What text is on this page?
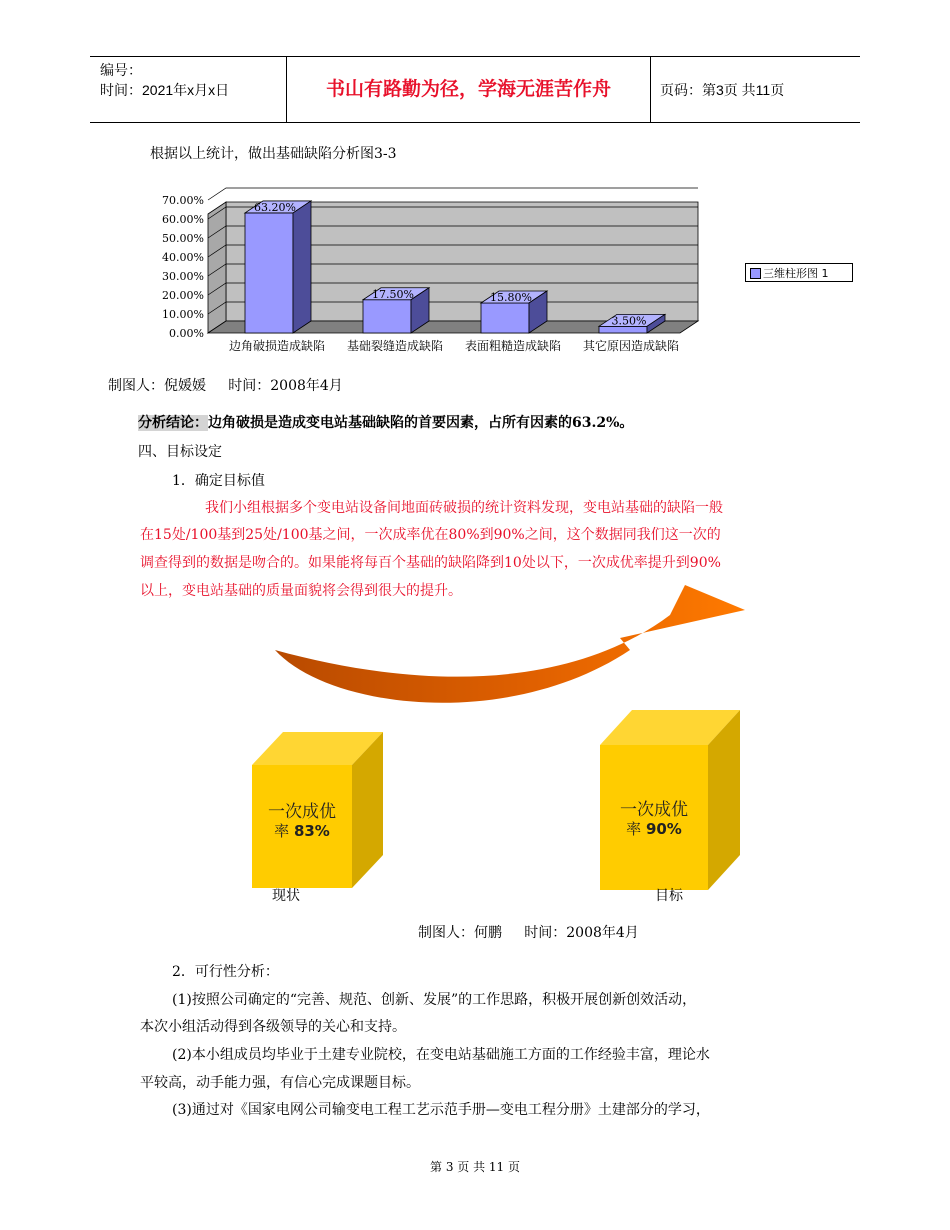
编号：
时间：2021年x月x日	书山有路勤为径，学海无涯苦作舟	页码：第3页 共11页
根据以上统计，做出基础缺陷分析图3-3
0.00%
10.00%
20.00%
30.00%
40.00%
50.00%
60.00%
70.00%
63.20%
17.50%	15.80%
3.50%
边角破损造成缺陷 基础裂缝造成缺陷 表面粗糙造成缺陷 其它原因造成缺陷
三维柱形图 1
制图人：倪媛媛     时间：2008年4月
分析结论：边角破损是造成变电站基础缺陷的首要因素，占所有因素的63.2%。
四、目标设定
1．确定目标值
我们小组根据多个变电站设备间地面砖破损的统计资料发现，变电站基础的缺陷一般
在15处/100基到25处/100基之间，一次成率优在80%到90%之间，这个数据同我们这一次的
调查得到的数据是吻合的。如果能将每百个基础的缺陷降到10处以下，一次成优率提升到90%
以上，变电站基础的质量面貌将会得到很大的提升。
一次成优
率 83%
一次成优
率 90%
现状	目标
制图人：何鹏     时间：2008年4月
2．可行性分析：
(1)按照公司确定的“完善、规范、创新、发展”的工作思路，积极开展创新创效活动，
本次小组活动得到各级领导的关心和支持。
(2)本小组成员均毕业于土建专业院校，在变电站基础施工方面的工作经验丰富，理论水
平较高，动手能力强，有信心完成课题目标。
(3)通过对《国家电网公司输变电工程工艺示范手册—变电工程分册》土建部分的学习，
第 3 页 共 11 页
